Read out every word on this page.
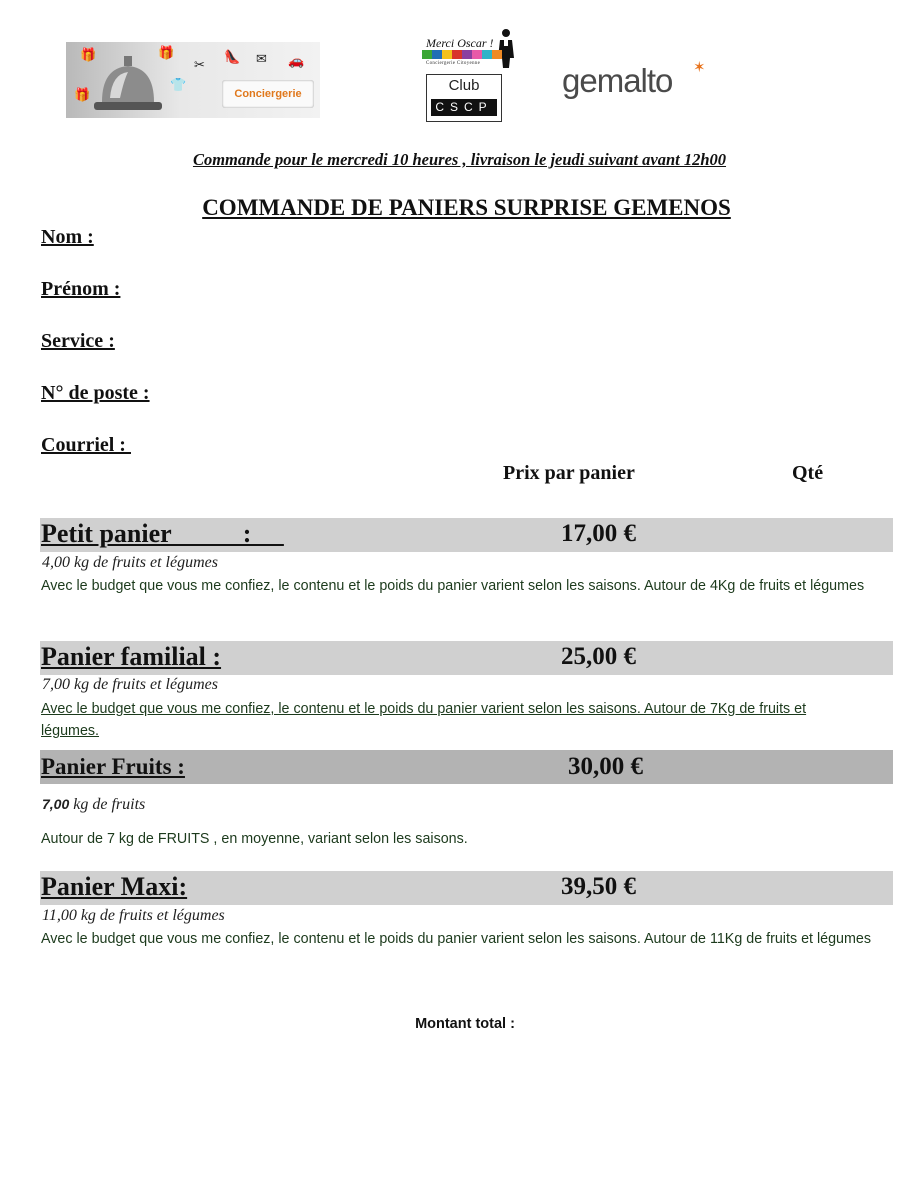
🎁
🎁
🎁
✂
👕
👠 ✉ 🚗
Conciergerie
Merci Oscar !
Conciergerie Citoyenne
Club
CSCP
gemalto ✶
Commande pour le mercredi 10 heures , livraison le jeudi suivant avant 12h00
COMMANDE DE PANIERS SURPRISE GEMENOS
Nom :
Prénom :
Service :
N° de poste :
Courriel :
Prix par panier	Qté
Petit panier           :	17,00 €
4,00 kg de fruits et légumes
Avec le budget que vous me confiez, le contenu et le poids du panier varient selon les saisons. Autour de 4Kg de fruits et légumes
Panier familial :	25,00 €
7,00 kg de fruits et légumes
Avec le budget que vous me confiez, le contenu et le poids du panier varient selon les saisons. Autour de 7Kg de fruits et légumes.
Panier Fruits :	30,00 €
7,00 kg de fruits
Autour de 7 kg de FRUITS , en moyenne, variant selon les saisons.
Panier Maxi:	39,50 €
11,00 kg de fruits et légumes
Avec le budget que vous me confiez, le contenu et le poids du panier varient selon les saisons. Autour de 11Kg de fruits et légumes
Montant total :
